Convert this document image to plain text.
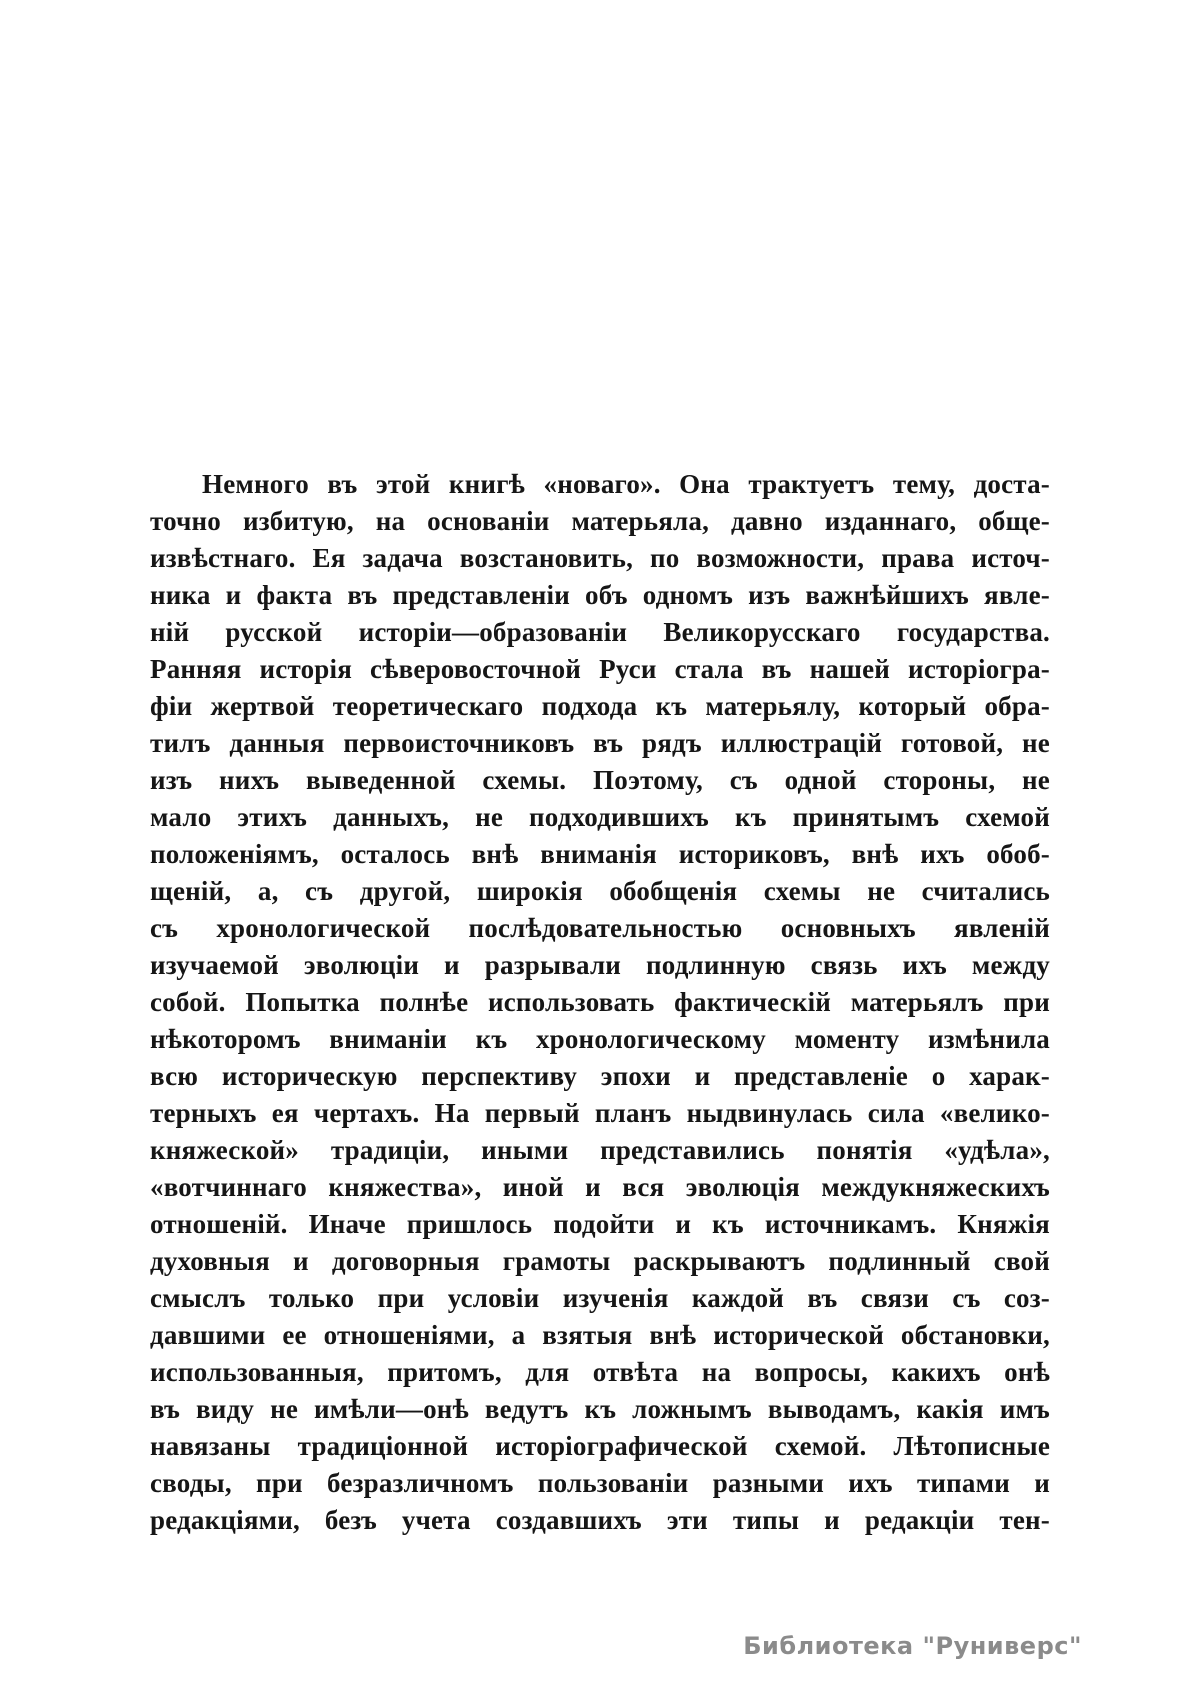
Немного въ этой книгѣ «новаго». Она трактуетъ тему, доста-
точно избитую, на основаніи матерьяла, давно изданнаго, обще-
извѣстнаго. Ея задача возстановить, по возможности, права источ-
ника и факта въ представленіи объ одномъ изъ важнѣйшихъ явле-
ній русской исторіи—образованіи Великорусскаго государства.
Ранняя исторія сѣверовосточной Руси стала въ нашей исторіогра-
фіи жертвой теоретическаго подхода къ матерьялу, который обра-
тилъ данныя первоисточниковъ въ рядъ иллюстрацій готовой, не
изъ нихъ выведенной схемы. Поэтому, съ одной стороны, не
мало этихъ данныхъ, не подходившихъ къ принятымъ схемой
положеніямъ, осталось внѣ вниманія историковъ, внѣ ихъ обоб-
щеній, а, съ другой, широкія обобщенія схемы не считались
съ хронологической послѣдовательностью основныхъ явленій
изучаемой эволюціи и разрывали подлинную связь ихъ между
собой. Попытка полнѣе использовать фактическій матерьялъ при
нѣкоторомъ вниманіи къ хронологическому моменту измѣнила
всю историческую перспективу эпохи и представленіе о харак-
терныхъ ея чертахъ. На первый планъ ныдвинулась сила «велико-
княжеской» традиціи, иными представились понятія «удѣла»,
«вотчиннаго княжества», иной и вся эволюція междукняжескихъ
отношеній. Иначе пришлось подойти и къ источникамъ. Княжія
духовныя и договорныя грамоты раскрываютъ подлинный свой
смыслъ только при условіи изученія каждой въ связи съ соз-
давшими ее отношеніями, а взятыя внѣ исторической обстановки,
использованныя, притомъ, для отвѣта на вопросы, какихъ онѣ
въ виду не имѣли—онѣ ведутъ къ ложнымъ выводамъ, какія имъ
навязаны традиціонной исторіографической схемой. Лѣтописные
своды, при безразличномъ пользованіи разными ихъ типами и
редакціями, безъ учета создавшихъ эти типы и редакціи тен-
Библиотека "Руниверс"
